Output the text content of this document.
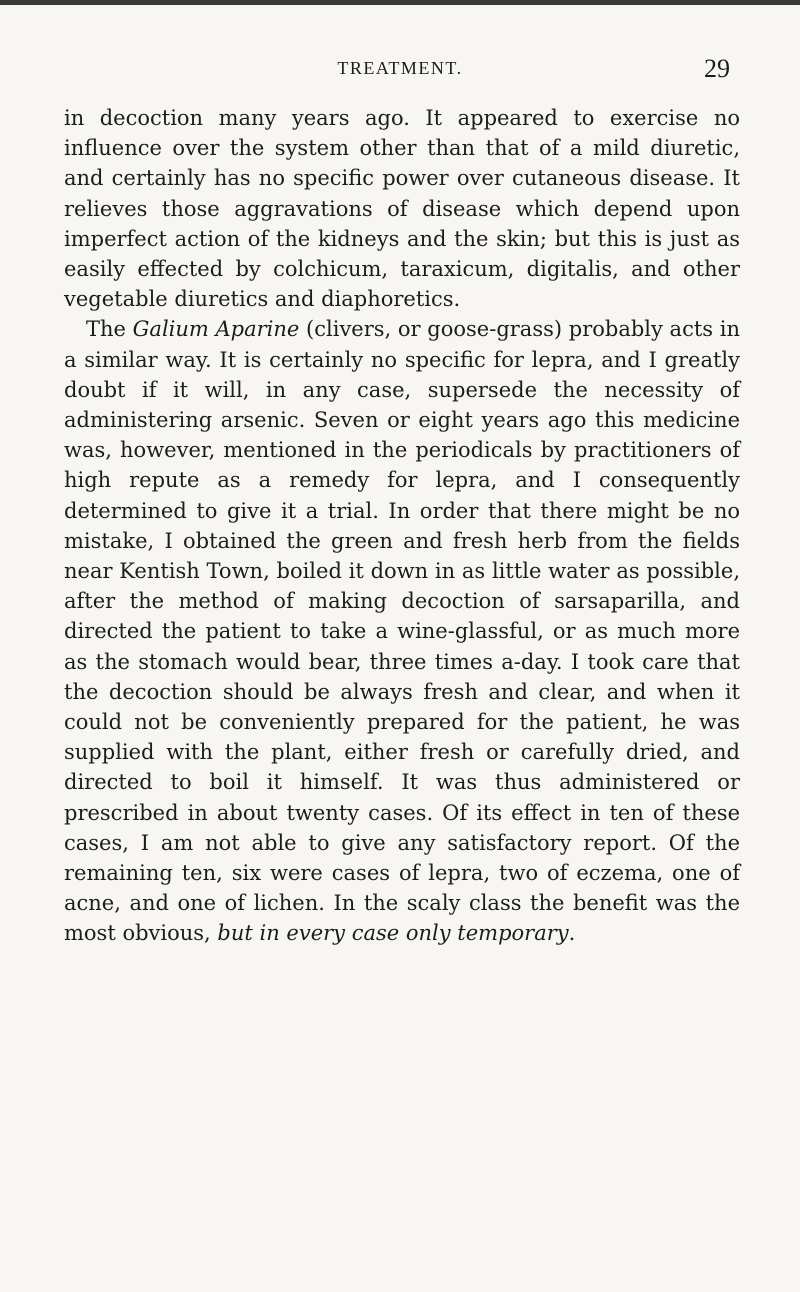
TREATMENT.	29

in decoction many years ago. It appeared to exercise no influence over the system other than that of a mild diuretic, and certainly has no specific power over cutaneous disease. It relieves those aggravations of disease which depend upon imperfect action of the kidneys and the skin; but this is just as easily effected by colchicum, taraxicum, digitalis, and other vegetable diuretics and diaphoretics.

The Galium Aparine (clivers, or goose-grass) probably acts in a similar way. It is certainly no specific for lepra, and I greatly doubt if it will, in any case, supersede the necessity of administering arsenic. Seven or eight years ago this medicine was, however, mentioned in the periodicals by practitioners of high repute as a remedy for lepra, and I consequently determined to give it a trial. In order that there might be no mistake, I obtained the green and fresh herb from the fields near Kentish Town, boiled it down in as little water as possible, after the method of making decoction of sarsaparilla, and directed the patient to take a wine-glassful, or as much more as the stomach would bear, three times a-day. I took care that the decoction should be always fresh and clear, and when it could not be conveniently prepared for the patient, he was supplied with the plant, either fresh or carefully dried, and directed to boil it himself. It was thus administered or prescribed in about twenty cases. Of its effect in ten of these cases, I am not able to give any satisfactory report. Of the remaining ten, six were cases of lepra, two of eczema, one of acne, and one of lichen. In the scaly class the benefit was the most obvious, but in every case only temporary.
